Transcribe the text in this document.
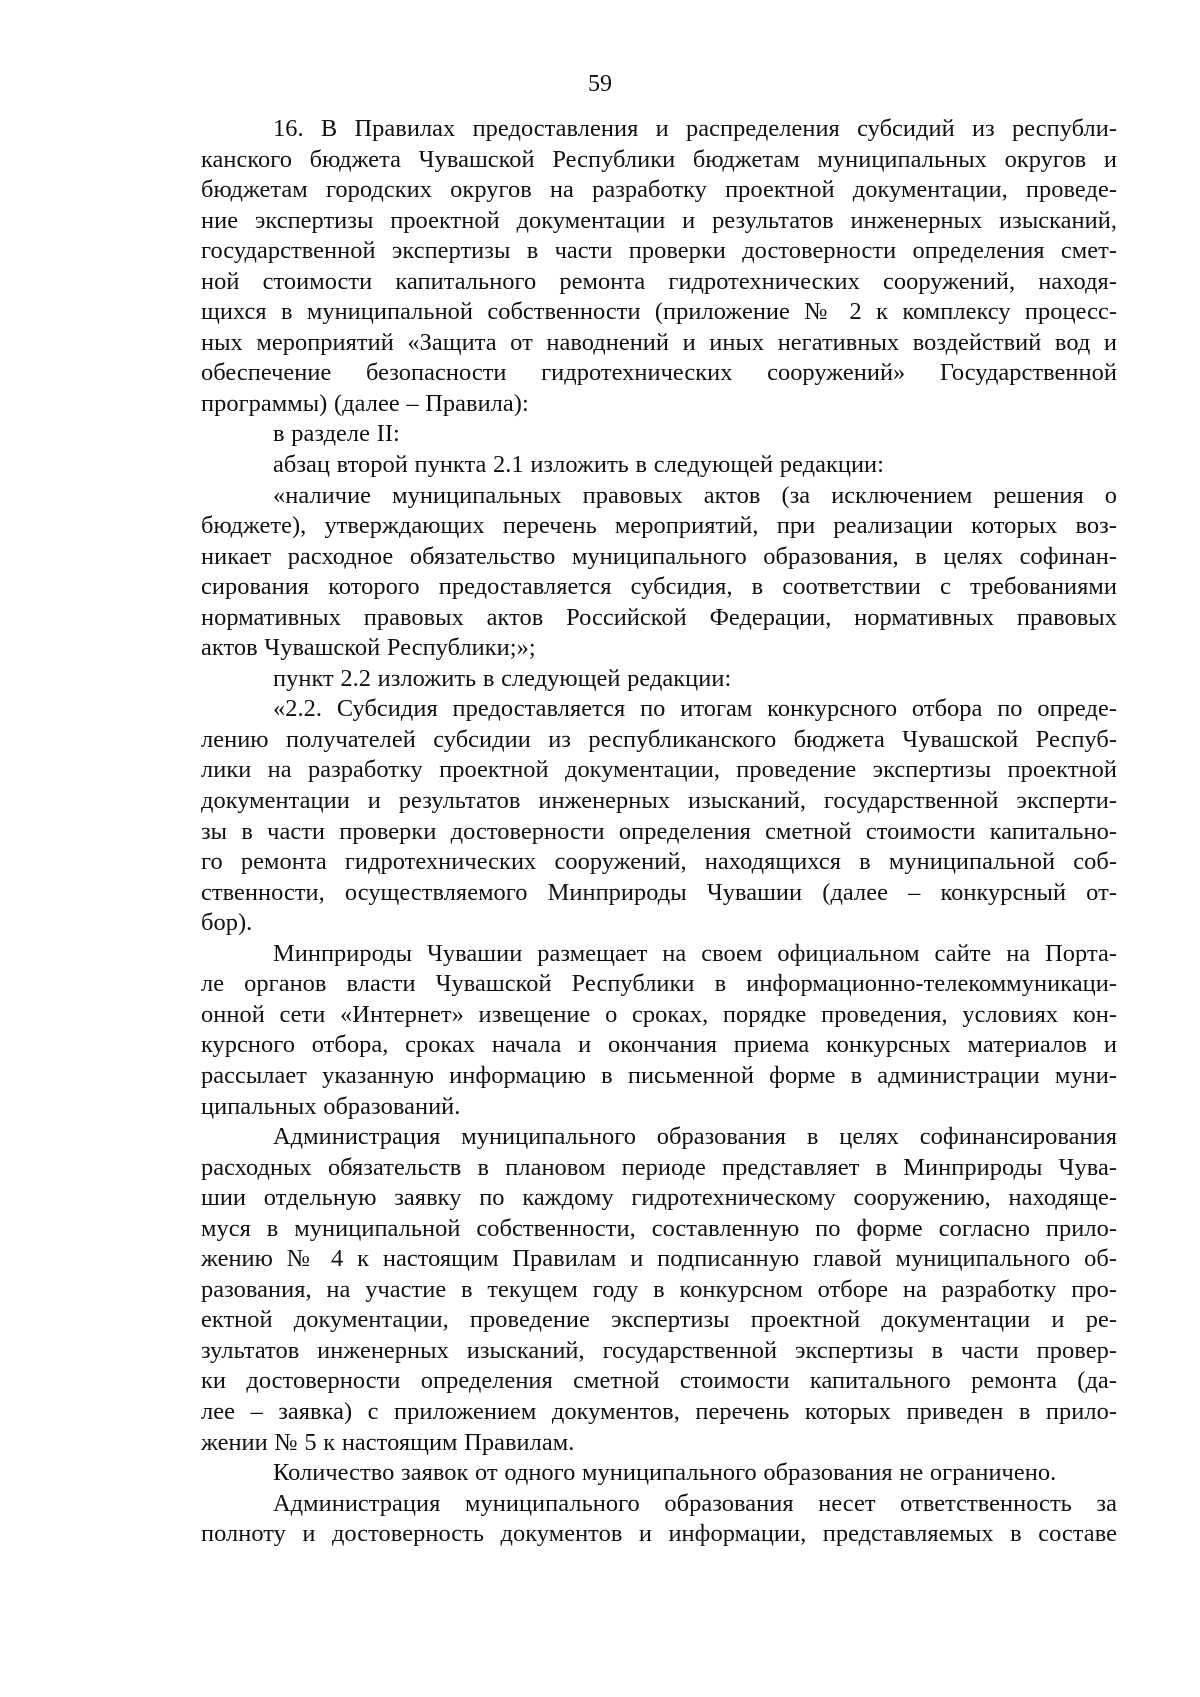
59
16. В Правилах предоставления и распределения субсидий из республи-
канского бюджета Чувашской Республики бюджетам муниципальных округов и
бюджетам городских округов на разработку проектной документации, проведе-
ние экспертизы проектной документации и результатов инженерных изысканий,
государственной экспертизы в части проверки достоверности определения смет-
ной стоимости капитального ремонта гидротехнических сооружений, находя-
щихся в муниципальной собственности (приложение № 2 к комплексу процесс-
ных мероприятий «Защита от наводнений и иных негативных воздействий вод и
обеспечение безопасности гидротехнических сооружений» Государственной
программы) (далее – Правила):
в разделе II:
абзац второй пункта 2.1 изложить в следующей редакции:
«наличие муниципальных правовых актов (за исключением решения о
бюджете), утверждающих перечень мероприятий, при реализации которых воз-
никает расходное обязательство муниципального образования, в целях софинан-
сирования которого предоставляется субсидия, в соответствии с требованиями
нормативных правовых актов Российской Федерации, нормативных правовых
актов Чувашской Республики;»;
пункт 2.2 изложить в следующей редакции:
«2.2. Субсидия предоставляется по итогам конкурсного отбора по опреде-
лению получателей субсидии из республиканского бюджета Чувашской Респуб-
лики на разработку проектной документации, проведение экспертизы проектной
документации и результатов инженерных изысканий, государственной эксперти-
зы в части проверки достоверности определения сметной стоимости капитально-
го ремонта гидротехнических сооружений, находящихся в муниципальной соб-
ственности, осуществляемого Минприроды Чувашии (далее – конкурсный от-
бор).
Минприроды Чувашии размещает на своем официальном сайте на Порта-
ле органов власти Чувашской Республики в информационно-телекоммуникаци-
онной сети «Интернет» извещение о сроках, порядке проведения, условиях кон-
курсного отбора, сроках начала и окончания приема конкурсных материалов и
рассылает указанную информацию в письменной форме в администрации муни-
ципальных образований.
Администрация муниципального образования в целях софинансирования
расходных обязательств в плановом периоде представляет в Минприроды Чува-
шии отдельную заявку по каждому гидротехническому сооружению, находяще-
муся в муниципальной собственности, составленную по форме согласно прило-
жению № 4 к настоящим Правилам и подписанную главой муниципального об-
разования, на участие в текущем году в конкурсном отборе на разработку про-
ектной документации, проведение экспертизы проектной документации и ре-
зультатов инженерных изысканий, государственной экспертизы в части провер-
ки достоверности определения сметной стоимости капитального ремонта (да-
лее – заявка) с приложением документов, перечень которых приведен в прило-
жении № 5 к настоящим Правилам.
Количество заявок от одного муниципального образования не ограничено.
Администрация муниципального образования несет ответственность за
полноту и достоверность документов и информации, представляемых в составе
